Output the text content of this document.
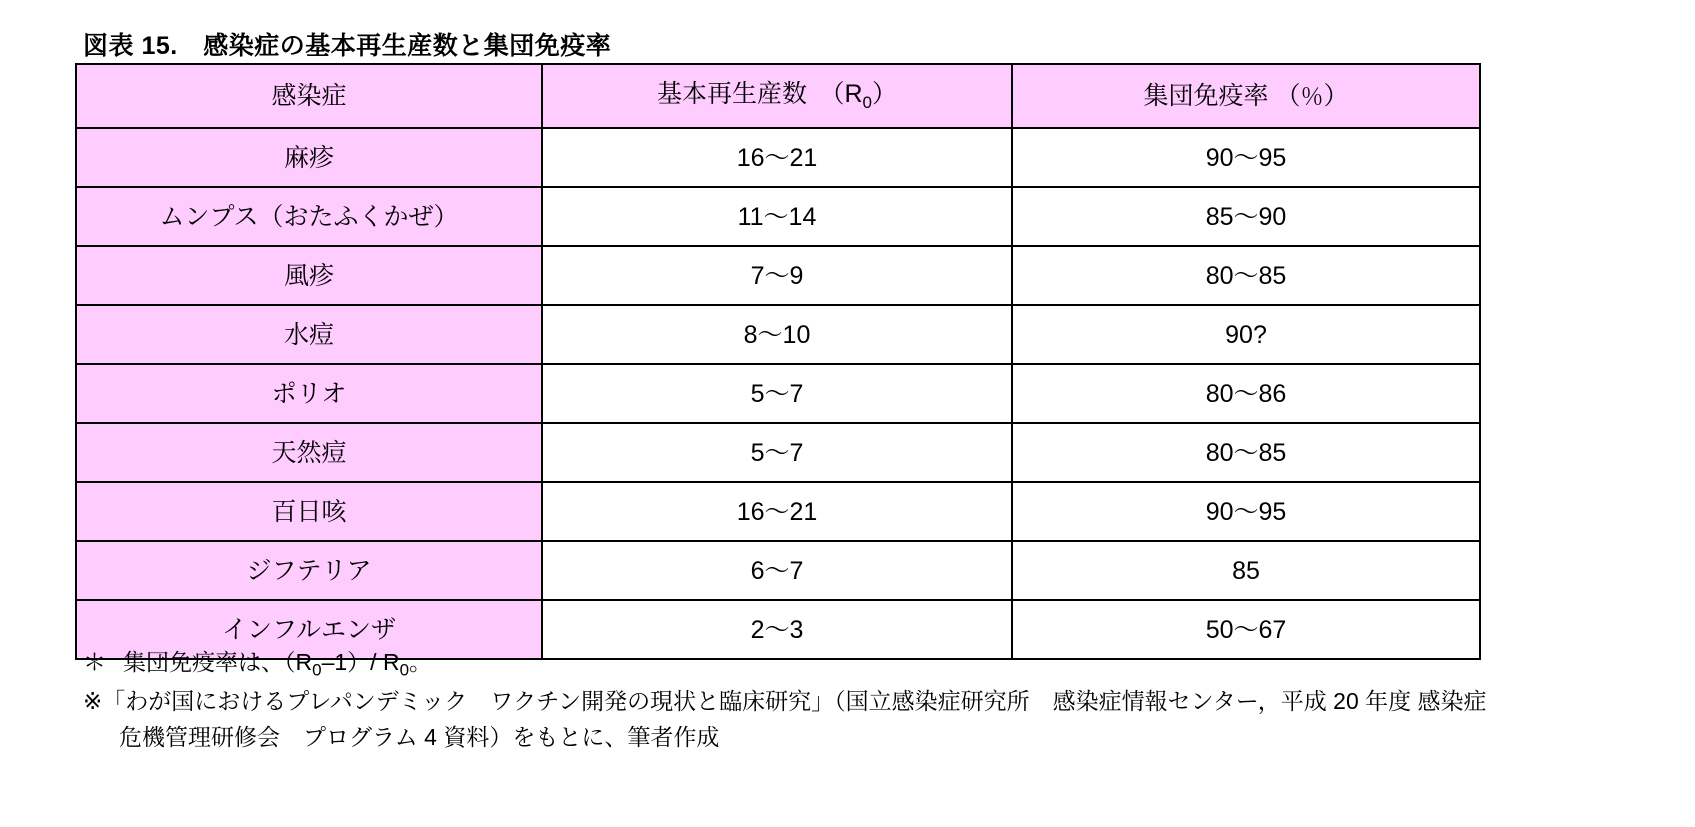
図表 15.　感染症の基本再生産数と集団免疫率
感染症	基本再生産数　$(R_0)$	集団免疫率 （％）
麻疹	16〜21	90〜95
ムンプス（おたふくかぜ）	11〜14	85〜90
風疹	7〜9	80〜85
水痘	8〜10	90?
ポリオ	5〜7	80〜86
天然痘	5〜7	80〜85
百日咳	16〜21	90〜95
ジフテリア	6〜7	85
インフルエンザ	2〜3	50〜67
＊ 集団免疫率は、$(R_0-1)/$ $R_0$。
※「わが国におけるプレパンデミック　ワクチン開発の現状と臨床研究」（国立感染症研究所　感染症情報センター，平成 20 年度 感染症
危機管理研修会　プログラム 4 資料）をもとに、筆者作成
